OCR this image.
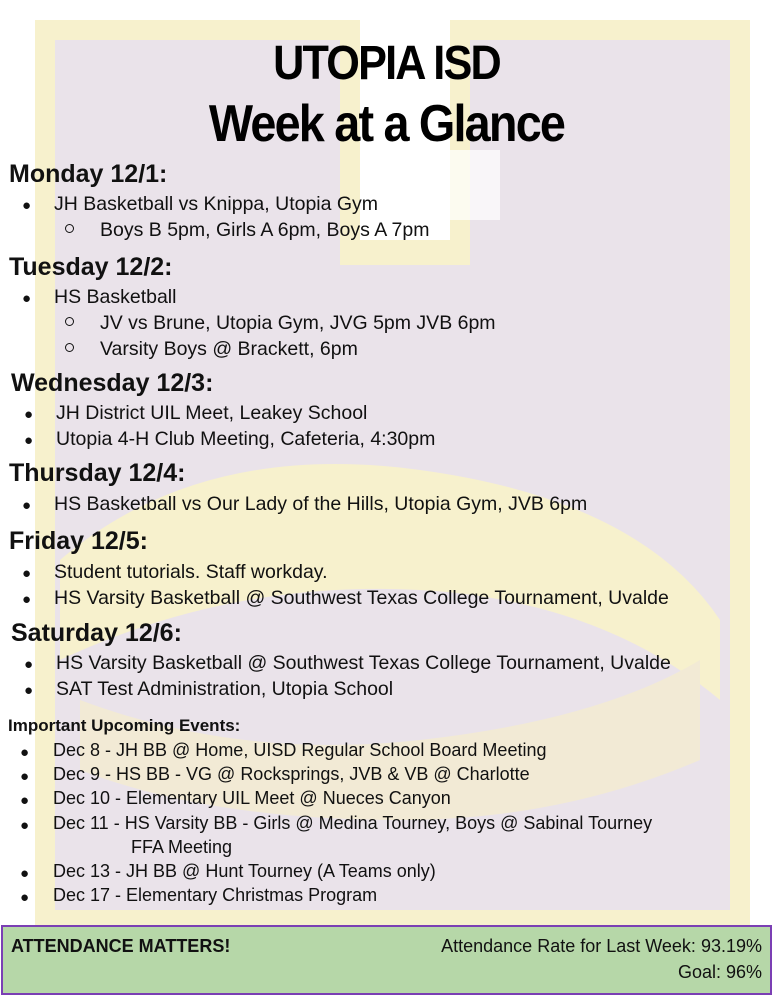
UTOPIA ISD
Week at a Glance
Monday 12/1:
● JH Basketball vs Knippa, Utopia Gym
Boys B 5pm, Girls A 6pm, Boys A 7pm
Tuesday 12/2:
● HS Basketball
JV vs Brune, Utopia Gym, JVG 5pm JVB 6pm
Varsity Boys @ Brackett, 6pm
Wednesday 12/3:
● JH District UIL Meet, Leakey School
● Utopia 4-H Club Meeting, Cafeteria, 4:30pm
Thursday 12/4:
● HS Basketball vs Our Lady of the Hills, Utopia Gym, JVB 6pm
Friday 12/5:
● Student tutorials. Staff workday.
● HS Varsity Basketball @ Southwest Texas College Tournament, Uvalde
Saturday 12/6:
● HS Varsity Basketball @ Southwest Texas College Tournament, Uvalde
● SAT Test Administration, Utopia School
Important Upcoming Events:
● Dec 8 - JH BB @ Home, UISD Regular School Board Meeting
● Dec 9 - HS BB - VG @ Rocksprings, JVB & VB @ Charlotte
● Dec 10 - Elementary UIL Meet @ Nueces Canyon
● Dec 11 - HS Varsity BB - Girls @ Medina Tourney, Boys @ Sabinal Tourney
FFA Meeting
● Dec 13 - JH BB @ Hunt Tourney (A Teams only)
● Dec 17 - Elementary Christmas Program
ATTENDANCE MATTERS!	Attendance Rate for Last Week: 93.19%
Goal: 96%
